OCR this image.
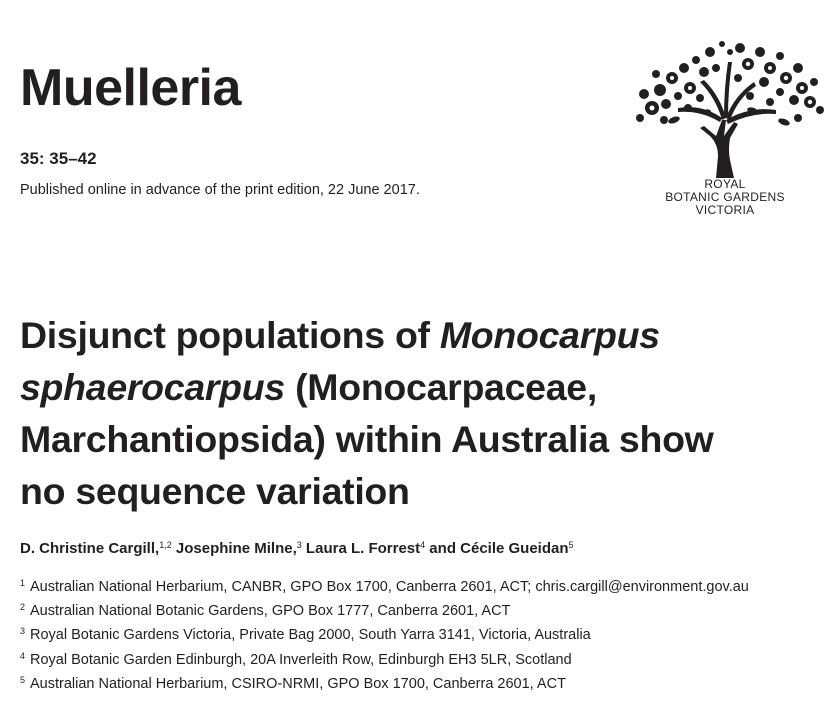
Muelleria
35: 35–42
Published online in advance of the print edition, 22 June 2017.	ROYAL
BOTANIC GARDENS
VICTORIA
Disjunct populations of Monocarpus
sphaerocarpus (Monocarpaceae,
Marchantiopsida) within Australia show
no sequence variation
D. Christine Cargill,$^{1,2}$ Josephine Milne,$^3$ Laura L. Forrest$^4$ and Cécile Gueidan$^5$
$^1$ Australian National Herbarium, CANBR, GPO Box 1700, Canberra 2601, ACT; chris.cargill@environment.gov.au
$^2$ Australian National Botanic Gardens, GPO Box 1777, Canberra 2601, ACT
$^3$ Royal Botanic Gardens Victoria, Private Bag 2000, South Yarra 3141, Victoria, Australia
$^4$ Royal Botanic Garden Edinburgh, 20A Inverleith Row, Edinburgh EH3 5LR, Scotland
$^5$ Australian National Herbarium, CSIRO-NRMI, GPO Box 1700, Canberra 2601, ACT
